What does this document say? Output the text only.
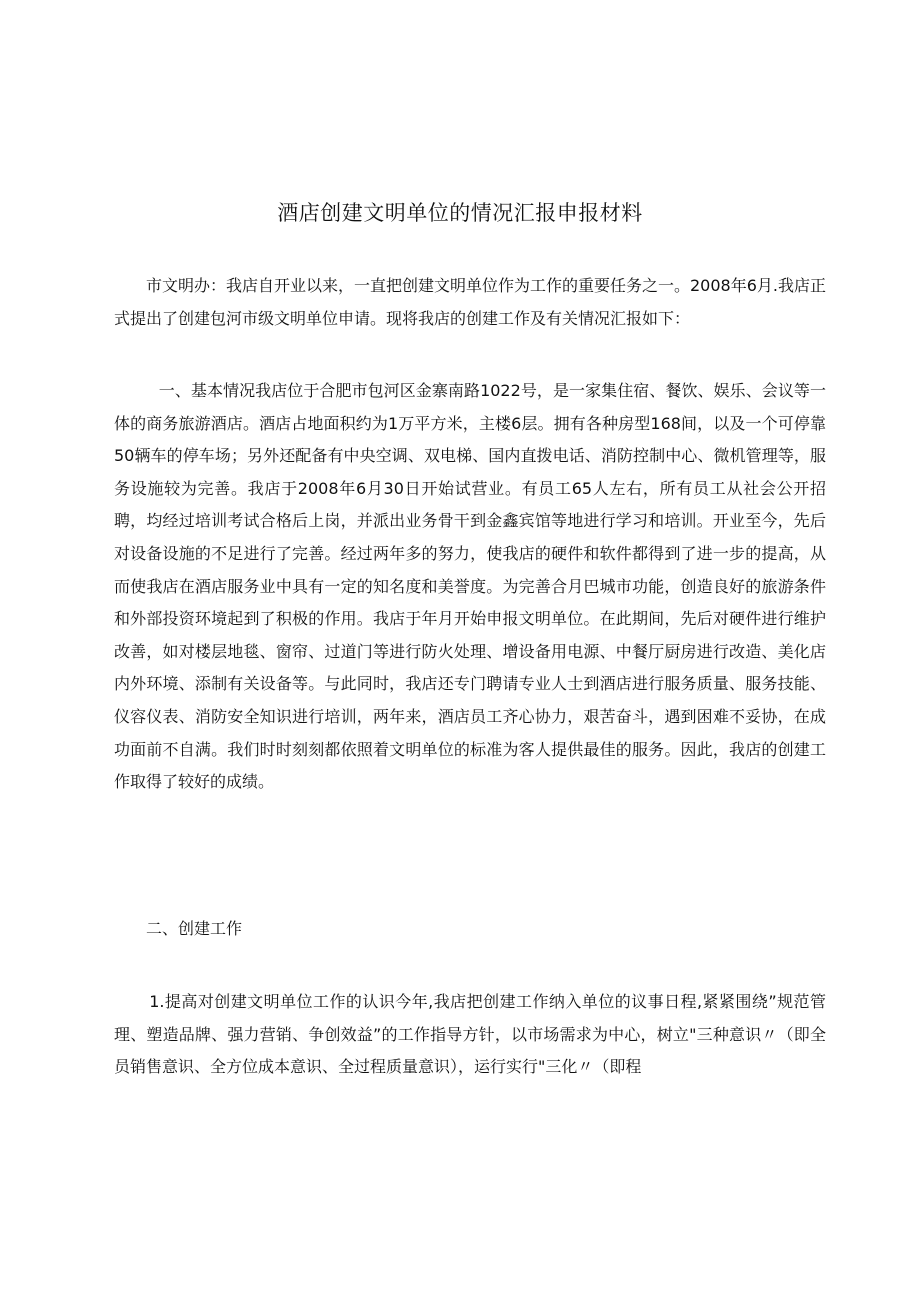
酒店创建文明单位的情况汇报申报材料

市文明办：我店自开业以来，一直把创建文明单位作为工作的重要任务之一。2008年6月.我店正式提出了创建包河市级文明单位申请。现将我店的创建工作及有关情况汇报如下：

一、基本情况我店位于合肥市包河区金寨南路1022号，是一家集住宿、餐饮、娱乐、会议等一体的商务旅游酒店。酒店占地面积约为1万平方米，主楼6层。拥有各种房型168间，以及一个可停靠50辆车的停车场；另外还配备有中央空调、双电梯、国内直拨电话、消防控制中心、微机管理等，服务设施较为完善。我店于2008年6月30日开始试营业。有员工65人左右，所有员工从社会公开招聘，均经过培训考试合格后上岗，并派出业务骨干到金鑫宾馆等地进行学习和培训。开业至今，先后对设备设施的不足进行了完善。经过两年多的努力，使我店的硬件和软件都得到了进一步的提高，从而使我店在酒店服务业中具有一定的知名度和美誉度。为完善合月巴城市功能，创造良好的旅游条件和外部投资环境起到了积极的作用。我店于年月开始申报文明单位。在此期间，先后对硬件进行维护改善，如对楼层地毯、窗帘、过道门等进行防火处理、增设备用电源、中餐厅厨房进行改造、美化店内外环境、添制有关设备等。与此同时，我店还专门聘请专业人士到酒店进行服务质量、服务技能、仪容仪表、消防安全知识进行培训，两年来，酒店员工齐心协力，艰苦奋斗，遇到困难不妥协，在成功面前不自满。我们时时刻刻都依照着文明单位的标准为客人提供最佳的服务。因此，我店的创建工作取得了较好的成绩。

二、创建工作

1.提高对创建文明单位工作的认识今年,我店把创建工作纳入单位的议事日程,紧紧围绕”规范管理、塑造品牌、强力营销、争创效益”的工作指导方针，以市场需求为中心，树立"三种意识〃（即全员销售意识、全方位成本意识、全过程质量意识），运行实行"三化〃（即程
